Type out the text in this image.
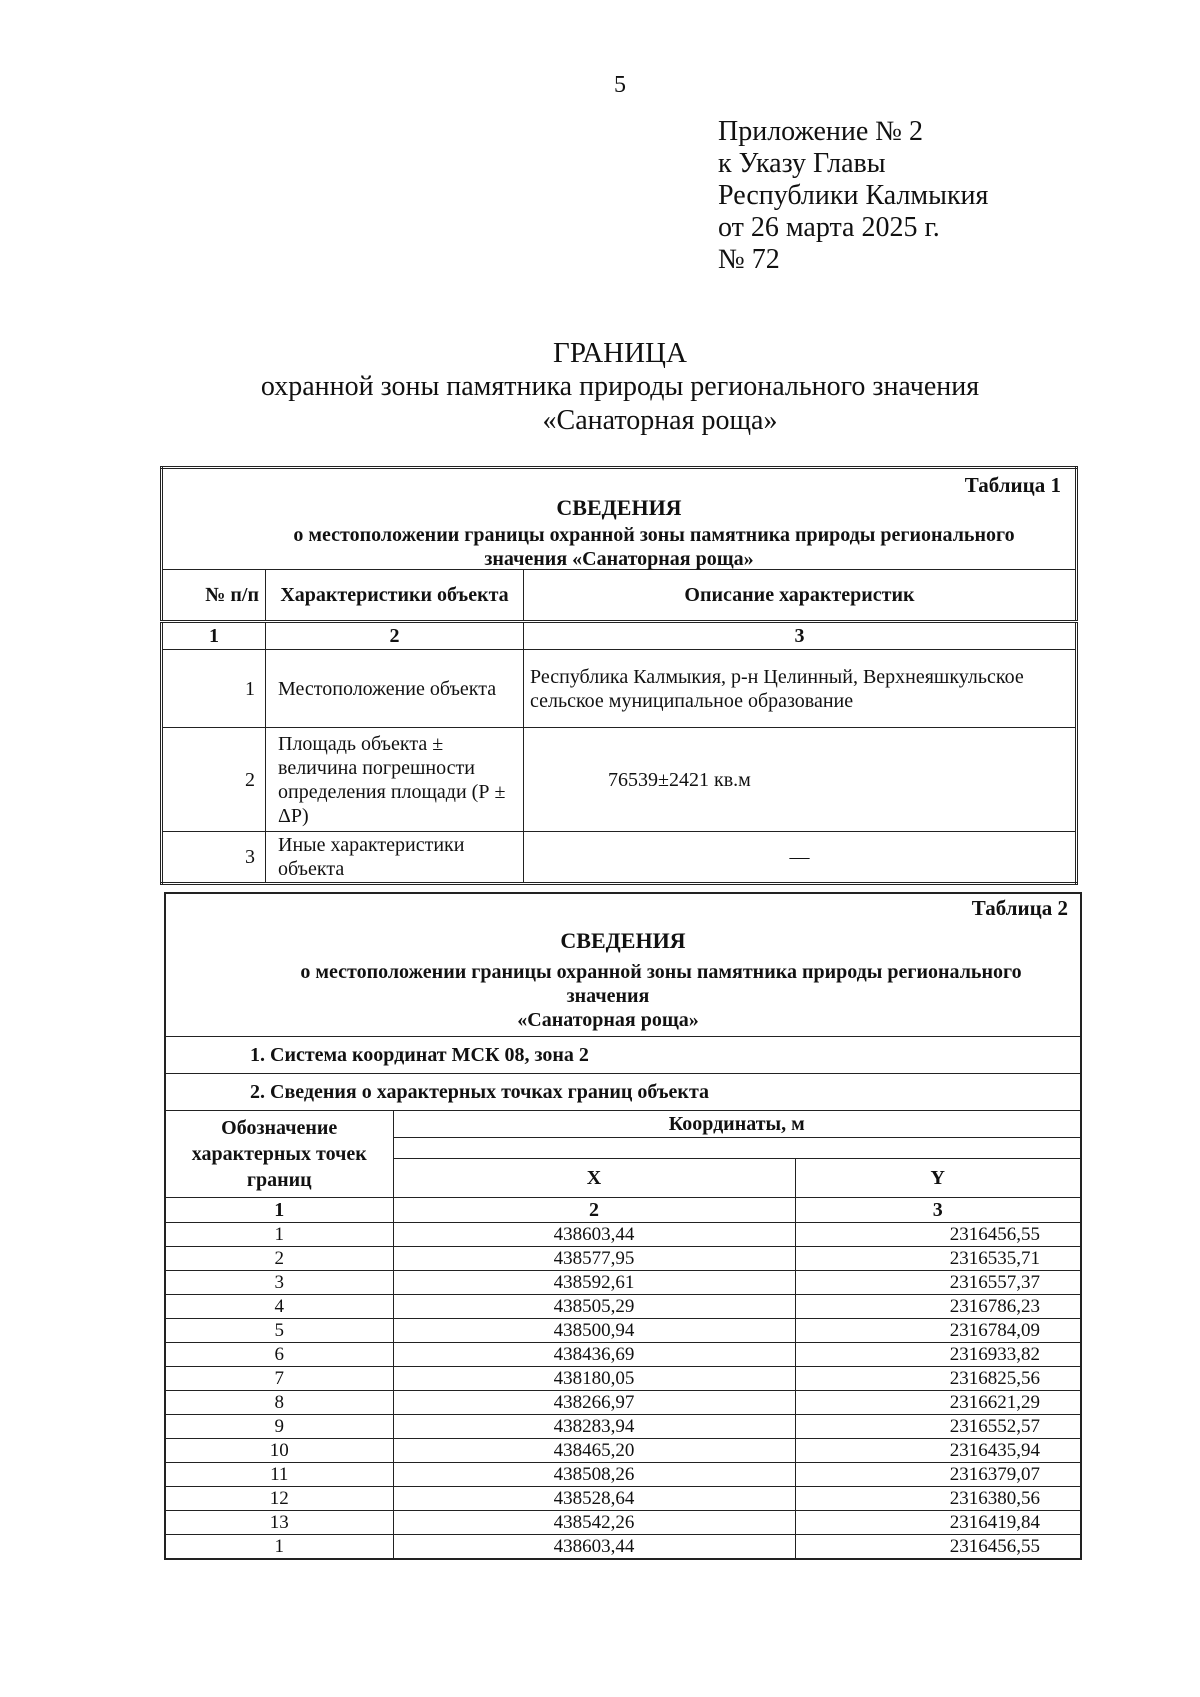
5
Приложение № 2
к Указу Главы
Республики Калмыкия
от 26 марта 2025 г.
№ 72
ГРАНИЦА
охранной зоны памятника природы регионального значения
«Санаторная роща»
Таблица 1
СВЕДЕНИЯ
о местоположении границы охранной зоны памятника природы регионального
значения «Санаторная роща»		

№ п/п	Характеристики объекта	Описание характеристик
1	2	3
1	Местоположение объекта	Республика Калмыкия, р-н Целинный, Верхнеяшкульское сельское муниципальное образование
2	Площадь объекта ± величина погрешности определения площади (Р ± ΔР)	76539±2421 кв.м
3	Иные характеристики объекта	—
Таблица 2
СВЕДЕНИЯ
о местоположении границы охранной зоны памятника природы регионального
значения
«Санаторная роща»		

1. Система координат МСК 08, зона 2		
2. Сведения о характерных точках границ объекта		
Обозначение характерных точек границ	Координаты, м	

	X	Y
1	2	3
1	438603,44	2316456,55
2	438577,95	2316535,71
3	438592,61	2316557,37
4	438505,29	2316786,23
5	438500,94	2316784,09
6	438436,69	2316933,82
7	438180,05	2316825,56
8	438266,97	2316621,29
9	438283,94	2316552,57
10	438465,20	2316435,94
11	438508,26	2316379,07
12	438528,64	2316380,56
13	438542,26	2316419,84
1	438603,44	2316456,55
